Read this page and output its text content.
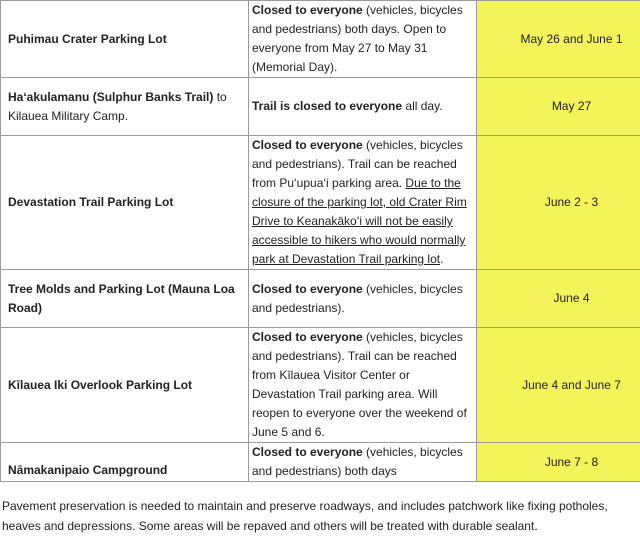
Puhimau Crater Parking Lot	Closed to everyone (vehicles, bicycles and pedestrians) both days. Open to everyone from May 27 to May 31 (Memorial Day).	May 26 and June 1
Ha‘akulamanu (Sulphur Banks Trail) to Kilauea Military Camp.	Trail is closed to everyone all day.	May 27
Devastation Trail Parking Lot	Closed to everyone (vehicles, bicycles and pedestrians). Trail can be reached from Pu‘upua‘i parking area. Due to the closure of the parking lot, old Crater Rim Drive to Keanakākoʻi will not be easily accessible to hikers who would normally park at Devastation Trail parking lot.	June 2 - 3
Tree Molds and Parking Lot (Mauna Loa Road)	Closed to everyone (vehicles, bicycles and pedestrians).	June 4
Kīlauea Iki Overlook Parking Lot	Closed to everyone (vehicles, bicycles and pedestrians). Trail can be reached from Kīlauea Visitor Center or Devastation Trail parking area. Will reopen to everyone over the weekend of June 5 and 6.	June 4 and June 7
Nāmakanipaio Campground	Closed to everyone (vehicles, bicycles and pedestrians) both days	June 7 - 8

Pavement preservation is needed to maintain and preserve roadways, and includes patchwork like fixing potholes, heaves and depressions. Some areas will be repaved and others will be treated with durable sealant.
